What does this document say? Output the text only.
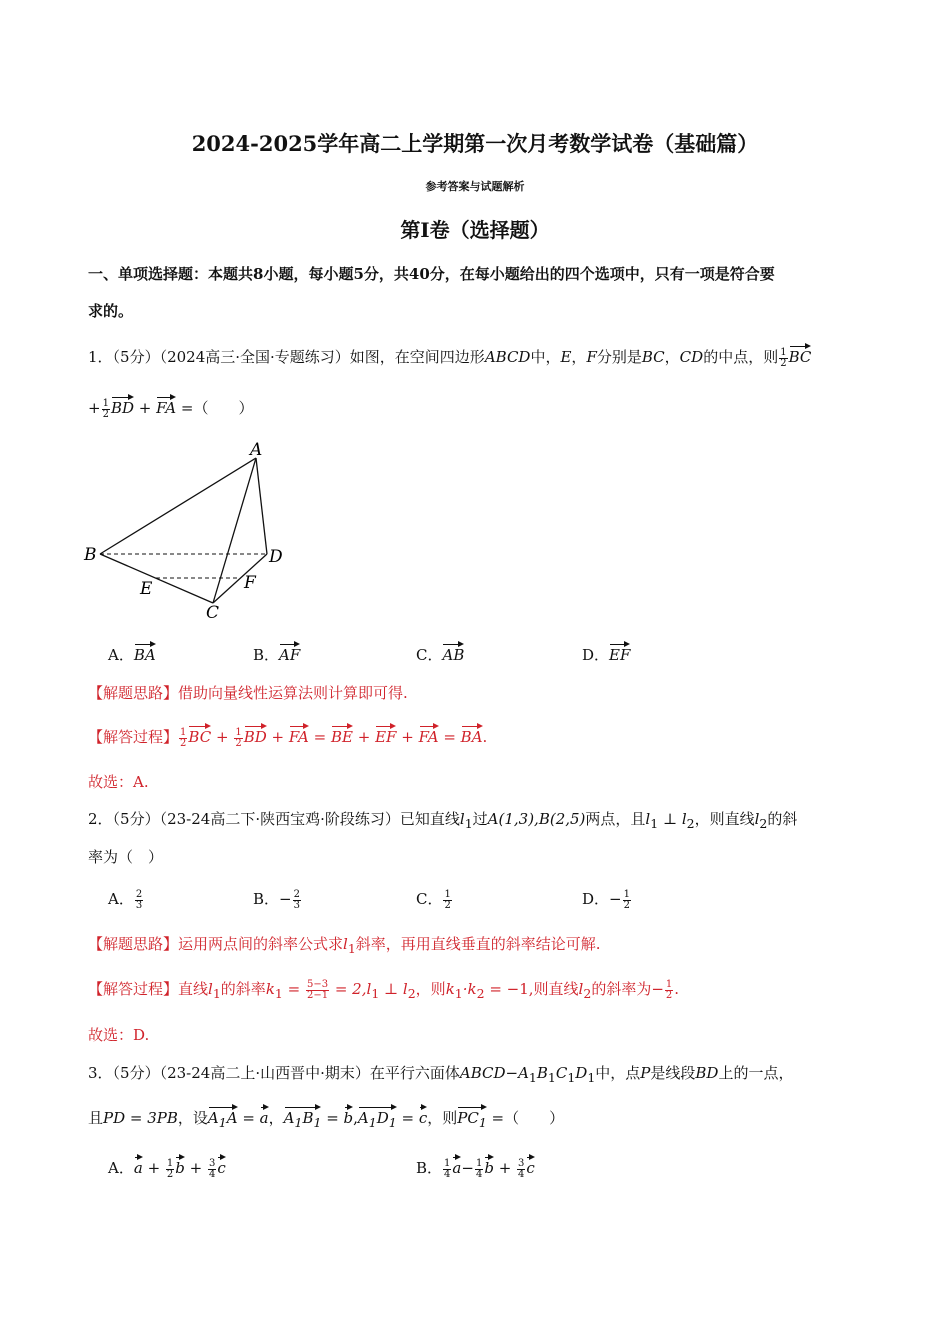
2024-2025学年高二上学期第一次月考数学试卷（基础篇）
参考答案与试题解析
第I卷（选择题）
一、单项选择题：本题共8小题，每小题5分，共40分，在每小题给出的四个选项中，只有一项是符合要
求的。
1．（5分）（2024高三·全国·专题练习）如图，在空间四边形ABCD中，E，F分别是BC，CD的中点，则 $\frac{1}{2}$ BC
+ $\frac{1}{2}$ BD + FA =（　　）
A
B
C
D
E	F
A．BA	B．AF	C．AB	D．EF
【解题思路】借助向量线性运算法则计算即可得.
【解答过程】 $\frac{1}{2}$ BC + $\frac{1}{2}$ BD + FA = BE + EF + FA = BA.
故选：A.
2．（5分）（23-24高二下·陕西宝鸡·阶段练习）已知直线$l_1$过A(1,3),B(2,5)两点，且$l_1$ ⊥ $l_2$，则直线$l_2$的斜
率为（　）
A． $\frac{2}{3}$	B．− $\frac{2}{3}$	C． $\frac{1}{2}$	D．− $\frac{1}{2}$
【解题思路】运用两点间的斜率公式求$l_1$斜率，再用直线垂直的斜率结论可解.
【解答过程】直线$l_1$的斜率$k_1 = \frac{5-3}{2-1} = 2,l_1$ ⊥ $l_2$，则$k_1\cdot k_2 = -1$,则直线$l_2$的斜率为− $\frac{1}{2}$ .
故选：D.
3．（5分）（23-24高二上·山西晋中·期末）在平行六面体$ABCD-A_1B_1C_1D_1$中，点P是线段BD上的一点，
且PD = 3PB，设$A_1A = a$，$A_1B_1 = b,A_1D_1 = c$，则$PC_1$ =（　　）
A．$a + \frac{1}{2}$ $b + \frac{3}{4}$ c	B． $\frac{1}{4} a- \frac{1}{4}$ $b + \frac{3}{4}$ c
